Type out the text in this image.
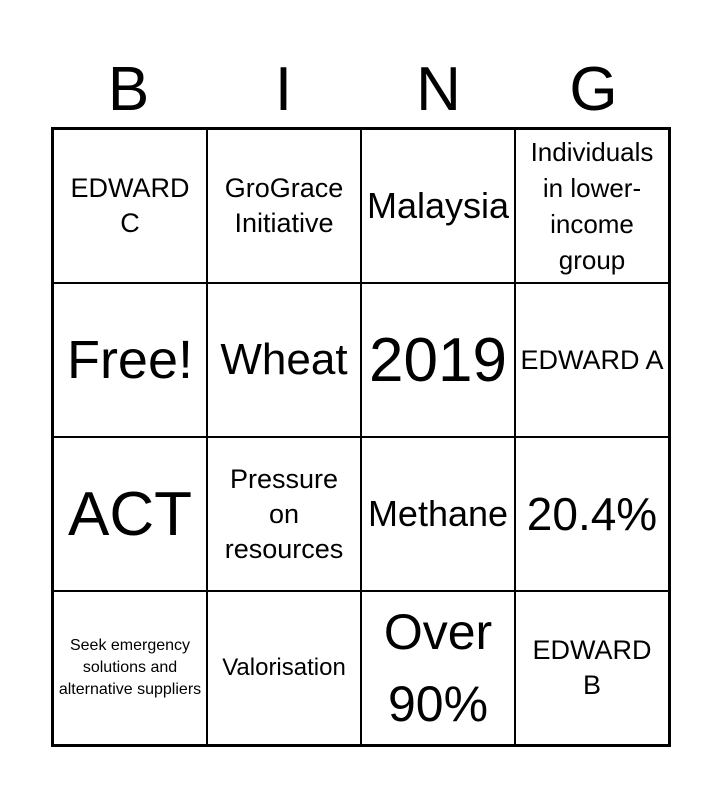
B	I	N	G
EDWARD C
GroGrace Initiative Malaysia
Individuals in lower-income group
Free! Wheat 2019 EDWARD A
ACT
Pressure on resources
Methane 20.4%
Seek emergency solutions and alternative suppliers
Valorisation
Over 90%
EDWARD B
